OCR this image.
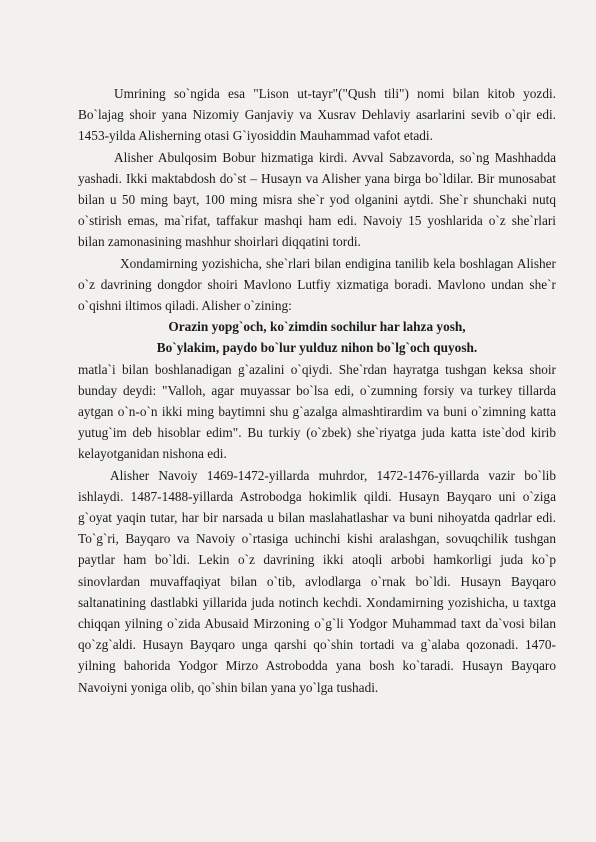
Umrining so`ngida esa "Lison ut-tayr"("Qush tili") nomi bilan kitob yozdi. Bo`lajag shoir yana Nizomiy Ganjaviy va Xusrav Dehlaviy asarlarini sevib o`qir edi. 1453-yilda Alisherning otasi G`iyosiddin Mauhammad vafot etadi.

Alisher Abulqosim Bobur hizmatiga kirdi. Avval Sabzavorda, so`ng Mashhadda yashadi. Ikki maktabdosh do`st – Husayn va Alisher yana birga bo`ldilar. Bir munosabat bilan u 50 ming bayt, 100 ming misra she`r yod olganini aytdi. She`r shunchaki nutq o`stirish emas, ma`rifat, taffakur mashqi ham edi. Navoiy 15 yoshlarida o`z she`rlari bilan zamonasining mashhur shoirlari diqqatini tordi.

Xondamirning yozishicha, she`rlari bilan endigina tanilib kela boshlagan Alisher o`z davrining dongdor shoiri Mavlono Lutfiy xizmatiga boradi. Mavlono undan she`r o`qishni iltimos qiladi. Alisher o`zining:

Orazin yopg`och, ko`zimdin sochilur har lahza yosh,

Bo`ylakim, paydo bo`lur yulduz nihon bo`lg`och quyosh.

matla`i bilan boshlanadigan g`azalini o`qiydi. She`rdan hayratga tushgan keksa shoir bunday deydi: "Valloh, agar muyassar bo`lsa edi, o`zumning forsiy va turkey tillarda aytgan o`n-o`n ikki ming baytimni shu g`azalga almashtirardim va buni o`zimning katta yutug`im deb hisoblar edim". Bu turkiy (o`zbek) she`riyatga juda katta iste`dod kirib kelayotganidan nishona edi.

Alisher Navoiy 1469-1472-yillarda muhrdor, 1472-1476-yillarda vazir bo`lib ishlaydi. 1487-1488-yillarda Astrobodga hokimlik qildi. Husayn Bayqaro uni o`ziga g`oyat yaqin tutar, har bir narsada u bilan maslahatlashar va buni nihoyatda qadrlar edi. To`g`ri, Bayqaro va Navoiy o`rtasiga uchinchi kishi aralashgan, sovuqchilik tushgan paytlar ham bo`ldi. Lekin o`z davrining ikki atoqli arbobi hamkorligi juda ko`p sinovlardan muvaffaqiyat bilan o`tib, avlodlarga o`rnak bo`ldi. Husayn Bayqaro saltanatining dastlabki yillarida juda notinch kechdi. Xondamirning yozishicha, u taxtga chiqqan yilning o`zida Abusaid Mirzoning o`g`li Yodgor Muhammad taxt da`vosi bilan qo`zg`aldi. Husayn Bayqaro unga qarshi qo`shin tortadi va g`alaba qozonadi. 1470-yilning bahorida Yodgor Mirzo Astrobodda yana bosh ko`taradi. Husayn Bayqaro Navoiyni yoniga olib, qo`shin bilan yana yo`lga tushadi.
